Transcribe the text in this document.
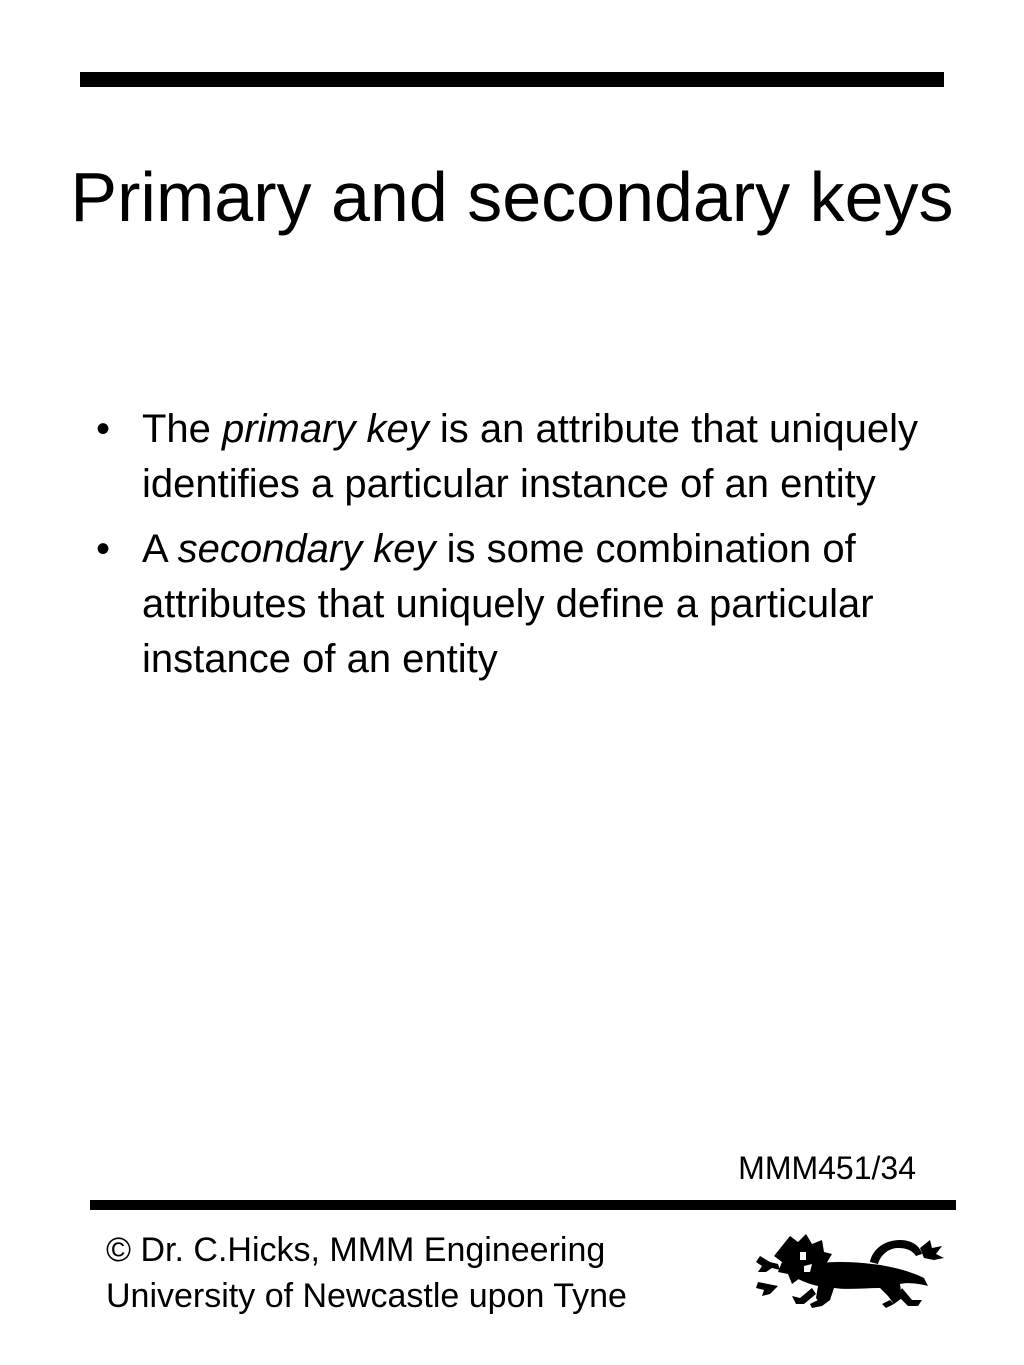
Primary and secondary keys
• The primary key is an attribute that uniquely identifies a particular instance of an entity
• A secondary key is some combination of attributes that uniquely define a particular instance of an entity
MMM451/34
© Dr. C.Hicks, MMM Engineering
University of Newcastle upon Tyne
